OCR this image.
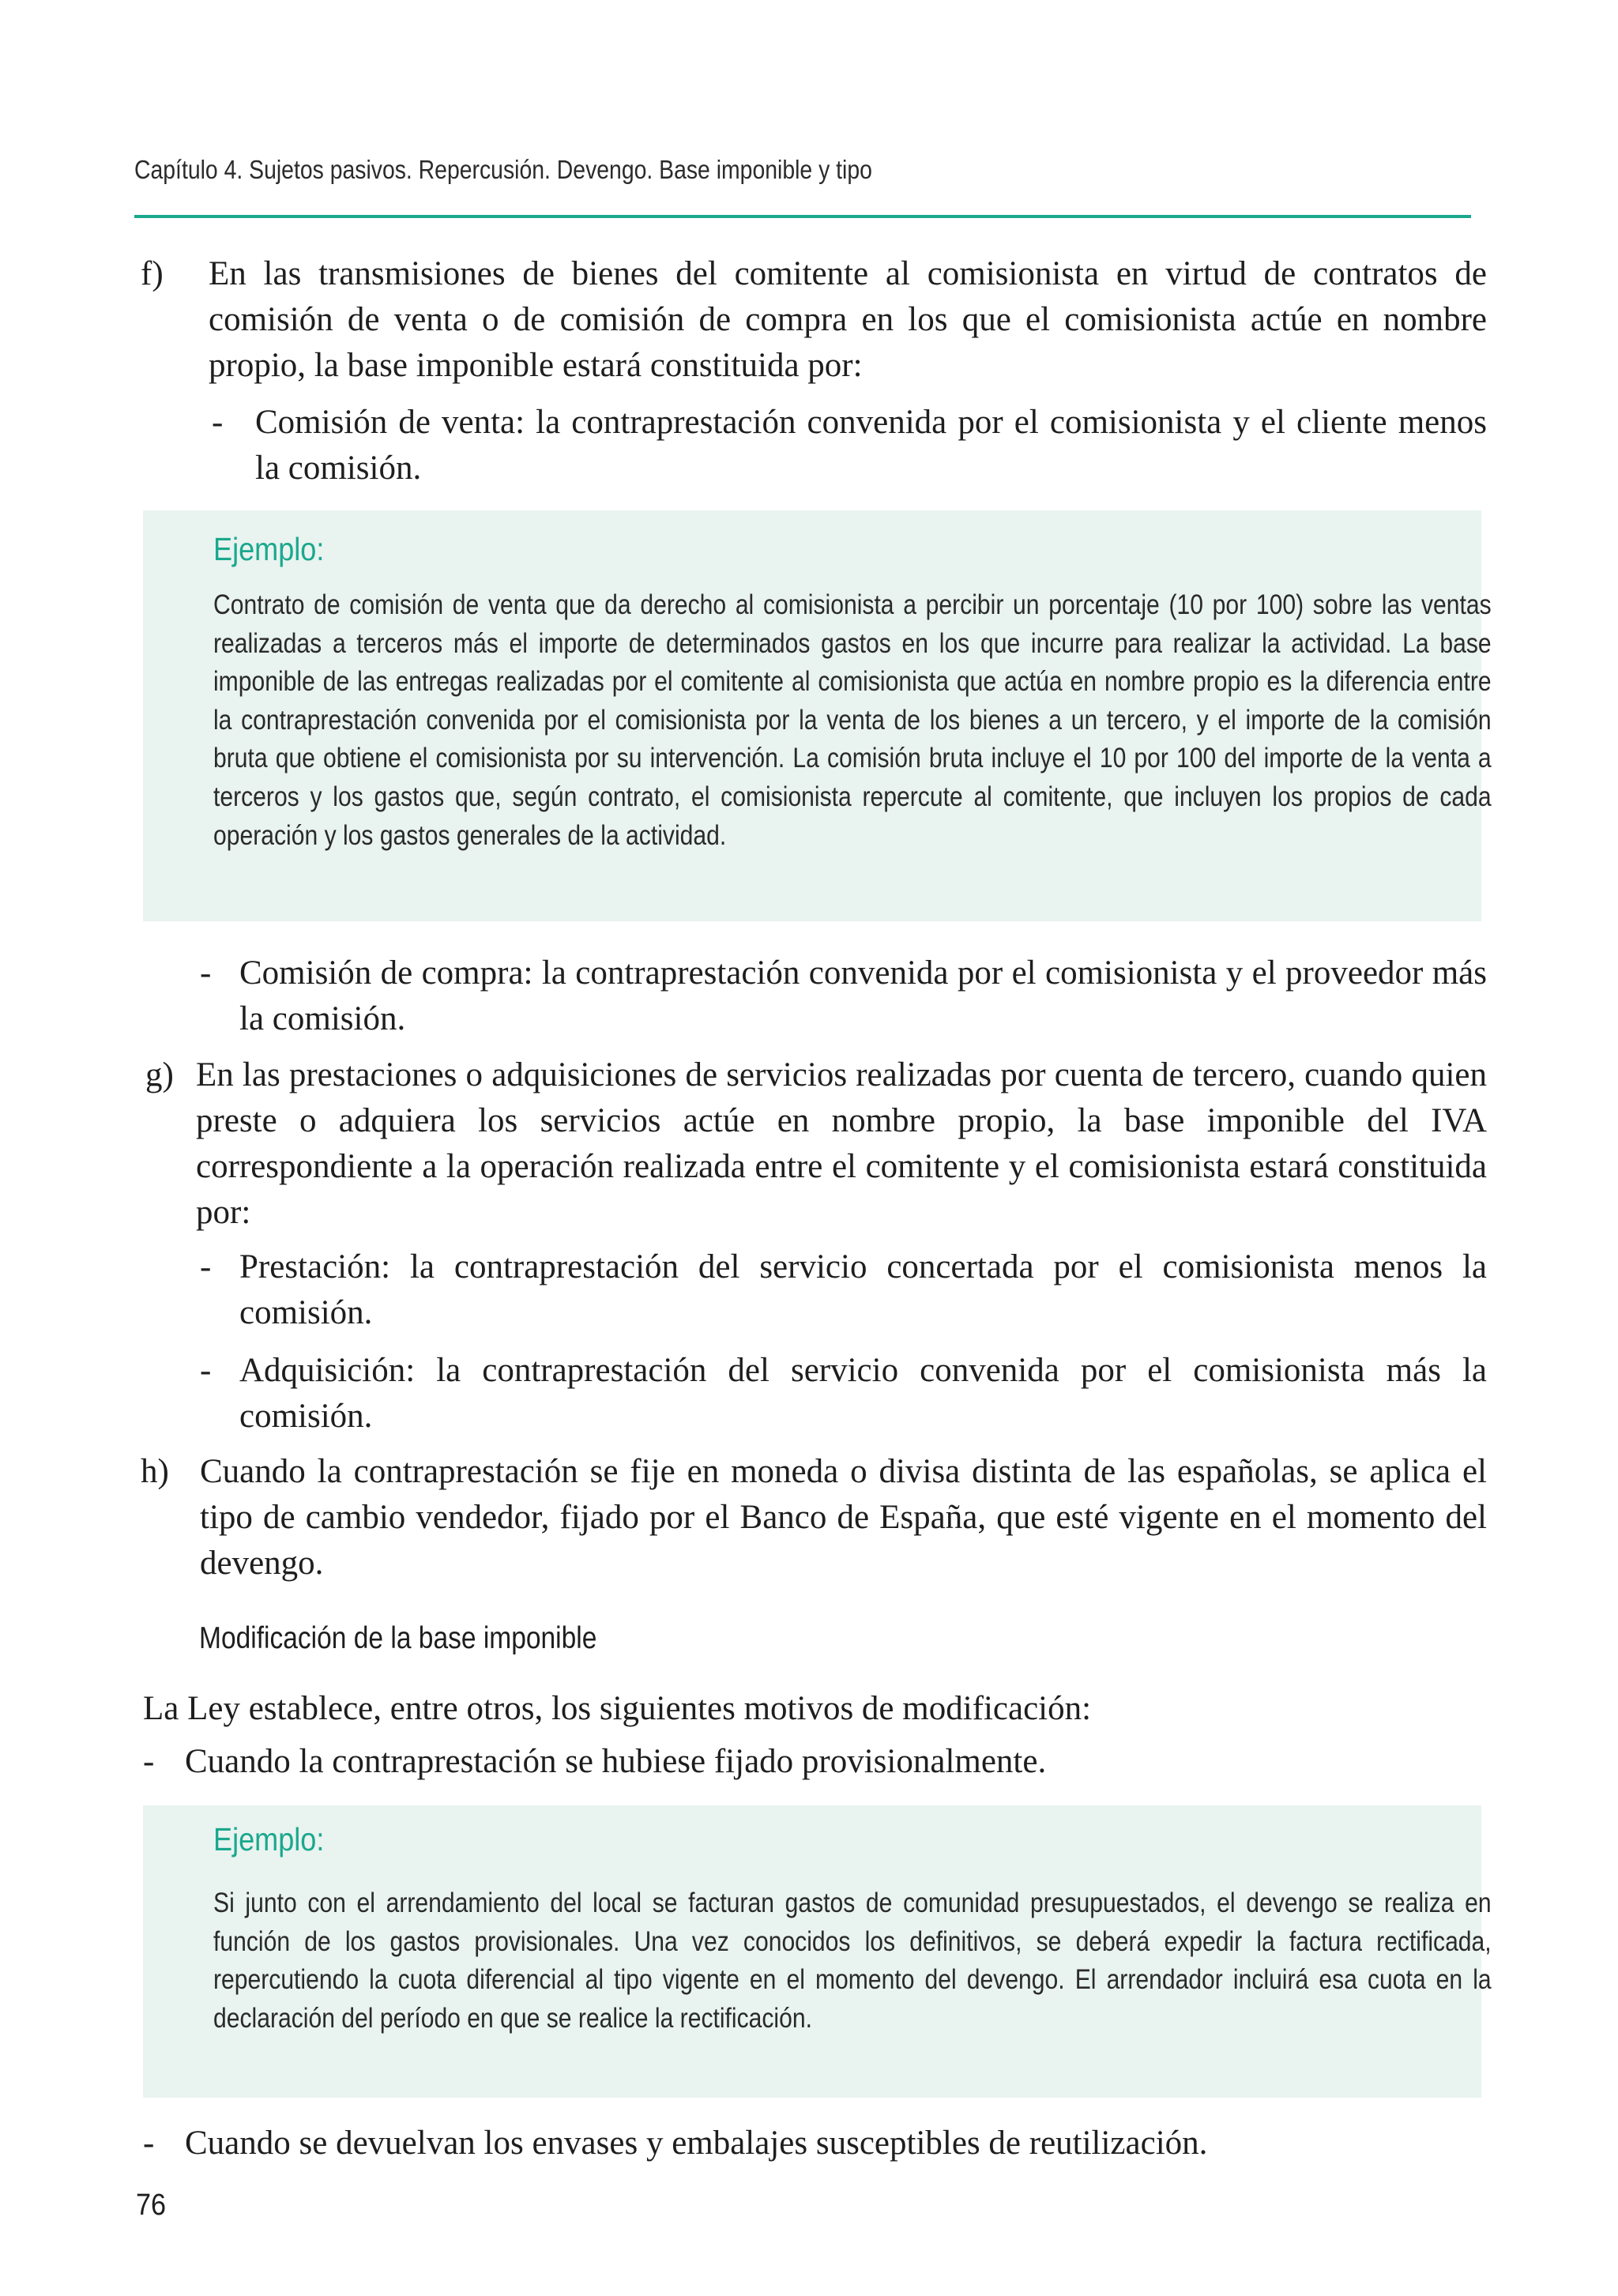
Capítulo 4. Sujetos pasivos. Repercusión. Devengo. Base imponible y tipo
f) En las transmisiones de bienes del comitente al comisionista en virtud de contratos de comisión de venta o de comisión de compra en los que el comisionista actúe en nombre propio, la base imponible estará constituida por:
- Comisión de venta: la contraprestación convenida por el comisionista y el cliente menos la comisión.
Ejemplo:
Contrato de comisión de venta que da derecho al comisionista a percibir un porcentaje (10 por 100) sobre las ventas realizadas a terceros más el importe de determinados gastos en los que incurre para realizar la actividad. La base imponible de las entregas realizadas por el comitente al comisionista que actúa en nombre propio es la diferencia entre la contraprestación convenida por el comisionista por la venta de los bienes a un tercero, y el importe de la comisión bruta que obtiene el comisionista por su intervención. La comisión bruta incluye el 10 por 100 del importe de la venta a terceros y los gastos que, según contrato, el comisionista repercute al comitente, que incluyen los propios de cada operación y los gastos generales de la actividad.
- Comisión de compra: la contraprestación convenida por el comisionista y el proveedor más la comisión.
g) En las prestaciones o adquisiciones de servicios realizadas por cuenta de tercero, cuando quien preste o adquiera los servicios actúe en nombre propio, la base imponible del IVA correspondiente a la operación realizada entre el comitente y el comisionista estará constituida por:
- Prestación: la contraprestación del servicio concertada por el comisionista menos la comisión.
- Adquisición: la contraprestación del servicio convenida por el comisionista más la comisión.
h) Cuando la contraprestación se fije en moneda o divisa distinta de las españolas, se aplica el tipo de cambio vendedor, fijado por el Banco de España, que esté vigente en el momento del devengo.
Modificación de la base imponible
La Ley establece, entre otros, los siguientes motivos de modificación:
- Cuando la contraprestación se hubiese fijado provisionalmente.
Ejemplo:
Si junto con el arrendamiento del local se facturan gastos de comunidad presupuestados, el devengo se realiza en función de los gastos provisionales. Una vez conocidos los definitivos, se deberá expedir la factura rectificada, repercutiendo la cuota diferencial al tipo vigente en el momento del devengo. El arrendador incluirá esa cuota en la declaración del período en que se realice la rectificación.
- Cuando se devuelvan los envases y embalajes susceptibles de reutilización.
76
